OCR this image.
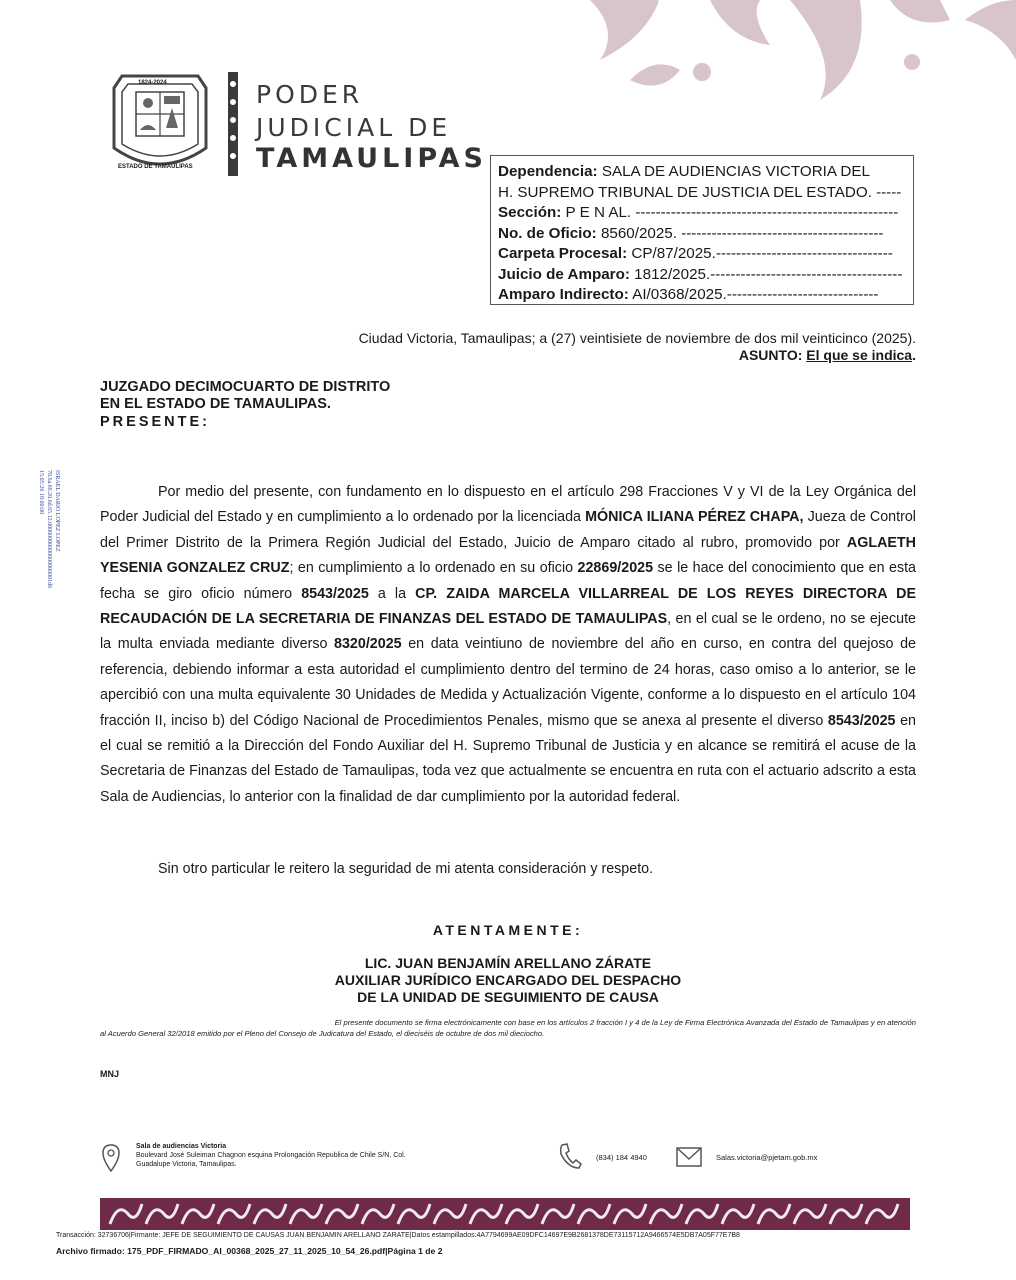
1824-2024
ESTADO DE TAMAULIPAS
PODER
JUDICIAL DE
TAMAULIPAS Dependencia: SALA DE AUDIENCIAS VICTORIA DEL
H. SUPREMO TRIBUNAL DE JUSTICIA DEL ESTADO. -----
Sección: P E N AL. ----------------------------------------------------
No. de Oficio: 8560/2025. ----------------------------------------
Carpeta Procesal: CP/87/2025.-----------------------------------
Juicio de Amparo: 1812/2025.--------------------------------------
Amparo Indirecto: AI/0368/2025.------------------------------
Ciudad Victoria, Tamaulipas; a (27) veintisiete de noviembre de dos mil veinticinco (2025).
ASUNTO: El que se indica.
JUZGADO DECIMOCUARTO DE DISTRITO
EN EL ESTADO DE TAMAULIPAS.
PRESENTE:
ISRAEL DARIO LOPEZ LOPEZ
70.6a.66.20.6d.65.12.00000000000000000001d6
15:05:26 18:00:00	Por medio del presente, con fundamento en lo dispuesto en el artículo 298 Fracciones V y VI de la Ley Orgánica del Poder Judicial del Estado y en cumplimiento a lo ordenado por la licenciada MÓNICA ILIANA PÉREZ CHAPA, Jueza de Control del Primer Distrito de la Primera Región Judicial del Estado, Juicio de Amparo citado al rubro, promovido por AGLAETH YESENIA GONZALEZ CRUZ; en cumplimiento a lo ordenado en su oficio 22869/2025 se le hace del conocimiento que en esta fecha se giro oficio número 8543/2025 a la CP. ZAIDA MARCELA VILLARREAL DE LOS REYES DIRECTORA DE RECAUDACIÓN DE LA SECRETARIA DE FINANZAS DEL ESTADO DE TAMAULIPAS, en el cual se le ordeno, no se ejecute la multa enviada mediante diverso 8320/2025 en data veintiuno de noviembre del año en curso, en contra del quejoso de referencia, debiendo informar a esta autoridad el cumplimiento dentro del termino de 24 horas, caso omiso a lo anterior, se le apercibió con una multa equivalente 30 Unidades de Medida y Actualización Vigente, conforme a lo dispuesto en el artículo 104 fracción II, inciso b) del Código Nacional de Procedimientos Penales, mismo que se anexa al presente el diverso 8543/2025 en el cual se remitió a la Dirección del Fondo Auxiliar del H. Supremo Tribunal de Justicia y en alcance se remitirá el acuse de la Secretaria de Finanzas del Estado de Tamaulipas, toda vez que actualmente se encuentra en ruta con el actuario adscrito a esta Sala de Audiencias, lo anterior con la finalidad de dar cumplimiento por la autoridad federal.

Sin otro particular le reitero la seguridad de mi atenta consideración y respeto.
ATENTAMENTE:
LIC. JUAN BENJAMÍN ARELLANO ZÁRATE
AUXILIAR JURÍDICO ENCARGADO DEL DESPACHO
DE LA UNIDAD DE SEGUIMIENTO DE CAUSA
El presente documento se firma electrónicamente con base en los artículos 2 fracción I y 4 de la Ley de Firma Electrónica Avanzada del Estado de Tamaulipas y en atención
al Acuerdo General 32/2018 emitido por el Pleno del Consejo de Judicatura del Estado, el dieciséis de octubre de dos mil dieciocho.
MNJ
Sala de audiencias Victoria
Boulevard José Suleiman Chagnon esquina Prolongación Republica de Chile S/N, Col.
Guadalupe Victoria, Tamaulipas.
(834) 184 4940	Salas.victoria@pjetam.gob.mx
Transacción: 32736706|Firmante: JEFE DE SEGUIMIENTO DE CAUSAS JUAN BENJAMIN ARELLANO ZARATE|Datos estampillados:4A7794699AE09DFC14697E9B2681378DE73115712A9466574E5DB7A05F77E7B8
Archivo firmado: 175_PDF_FIRMADO_AI_00368_2025_27_11_2025_10_54_26.pdf|Página 1 de 2
